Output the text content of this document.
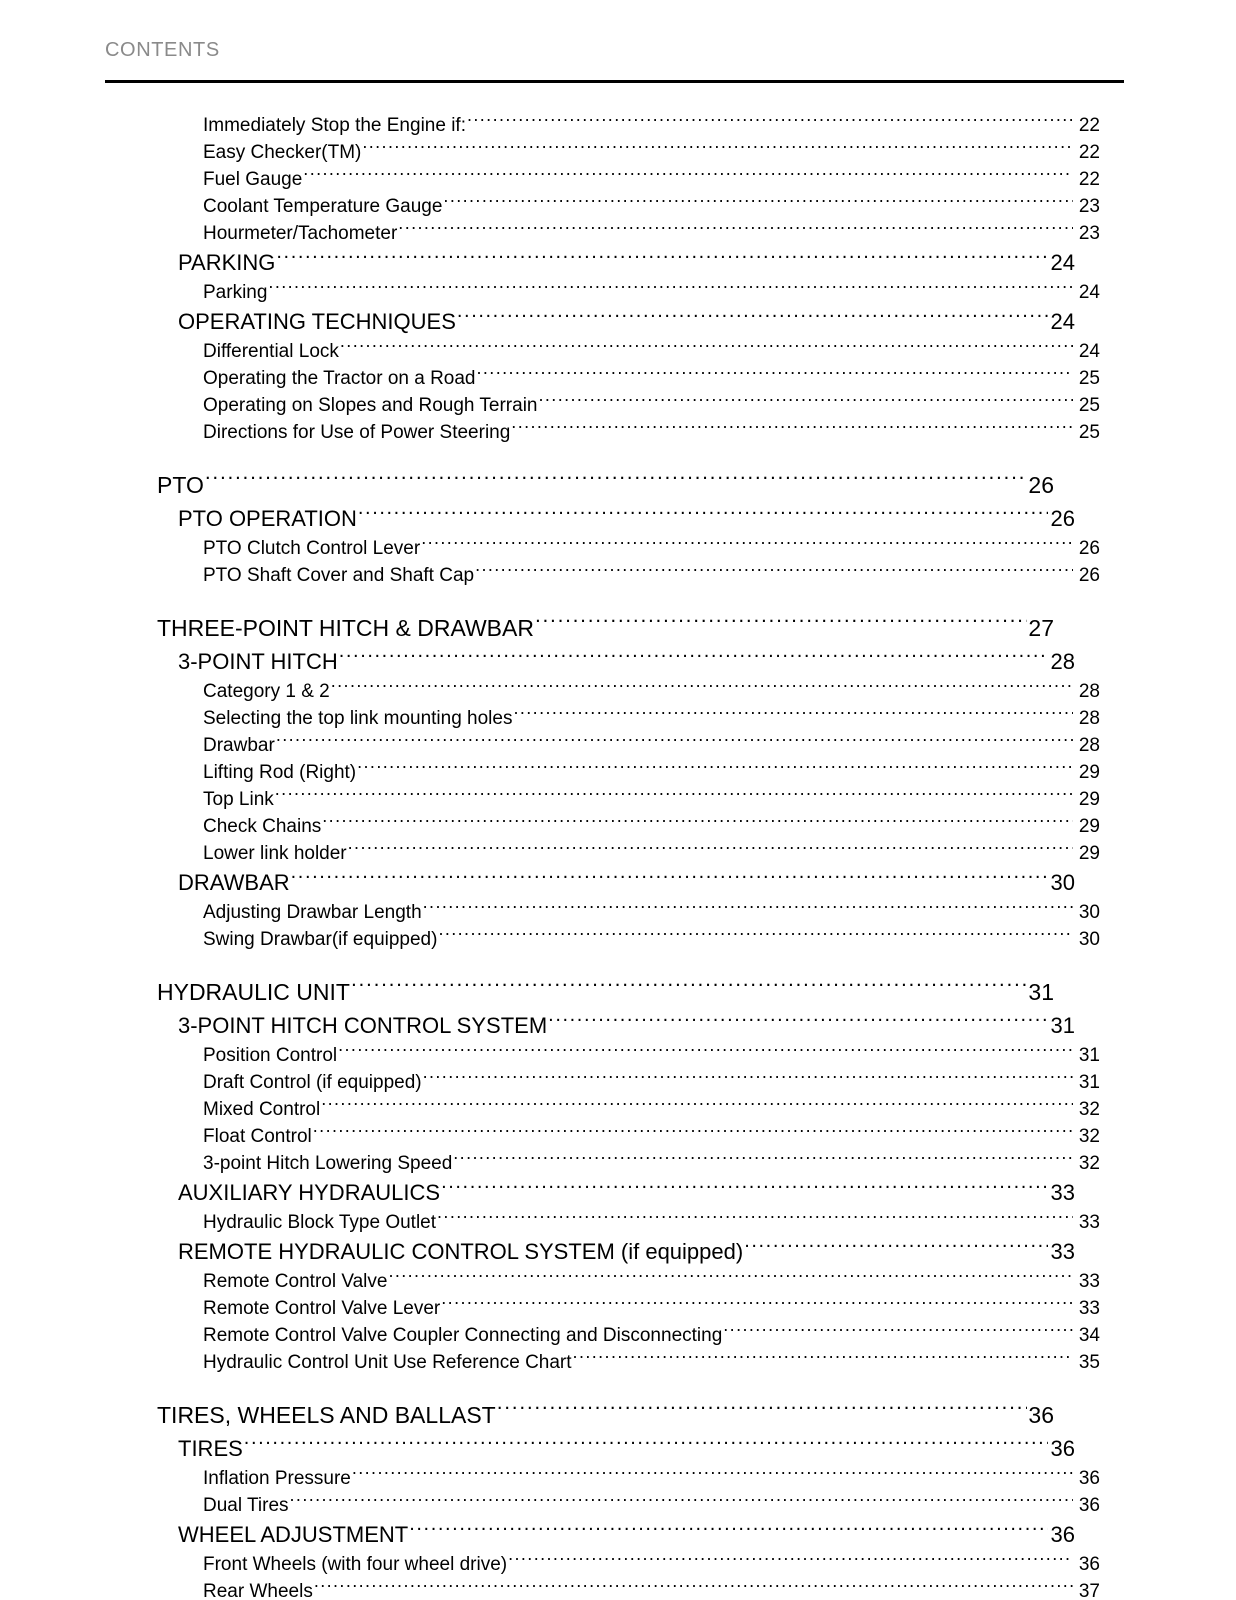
CONTENTS
Immediately Stop the Engine if: .....	22
Easy Checker(TM) .....	22
Fuel Gauge .....	22
Coolant Temperature Gauge .....	23
Hourmeter/Tachometer .....	23
PARKING .....	24
Parking .....	24
OPERATING TECHNIQUES .....	24
Differential Lock .....	24
Operating the Tractor on a Road .....	25
Operating on Slopes and Rough Terrain .....	25
Directions for Use of Power Steering .....	25
PTO .....	26
PTO OPERATION .....	26
PTO Clutch Control Lever .....	26
PTO Shaft Cover and Shaft Cap .....	26
THREE-POINT HITCH & DRAWBAR .....	27
3-POINT HITCH .....	28
Category 1 & 2 .....	28
Selecting the top link mounting holes .....	28
Drawbar .....	28
Lifting Rod (Right) .....	29
Top Link .....	29
Check Chains .....	29
Lower link holder .....	29
DRAWBAR .....	30
Adjusting Drawbar Length .....	30
Swing Drawbar(if equipped) .....	30
HYDRAULIC UNIT .....	31
3-POINT HITCH CONTROL SYSTEM .....	31
Position Control .....	31
Draft Control (if equipped) .....	31
Mixed Control .....	32
Float Control .....	32
3-point Hitch Lowering Speed .....	32
AUXILIARY HYDRAULICS .....	33
Hydraulic Block Type Outlet .....	33
REMOTE HYDRAULIC CONTROL SYSTEM (if equipped) .....	33
Remote Control Valve .....	33
Remote Control Valve Lever .....	33
Remote Control Valve Coupler Connecting and Disconnecting .....	34
Hydraulic Control Unit Use Reference Chart .....	35
TIRES, WHEELS AND BALLAST .....	36
TIRES .....	36
Inflation Pressure .....	36
Dual Tires .....	36
WHEEL ADJUSTMENT .....	36
Front Wheels (with four wheel drive) .....	36
Rear Wheels .....	37
